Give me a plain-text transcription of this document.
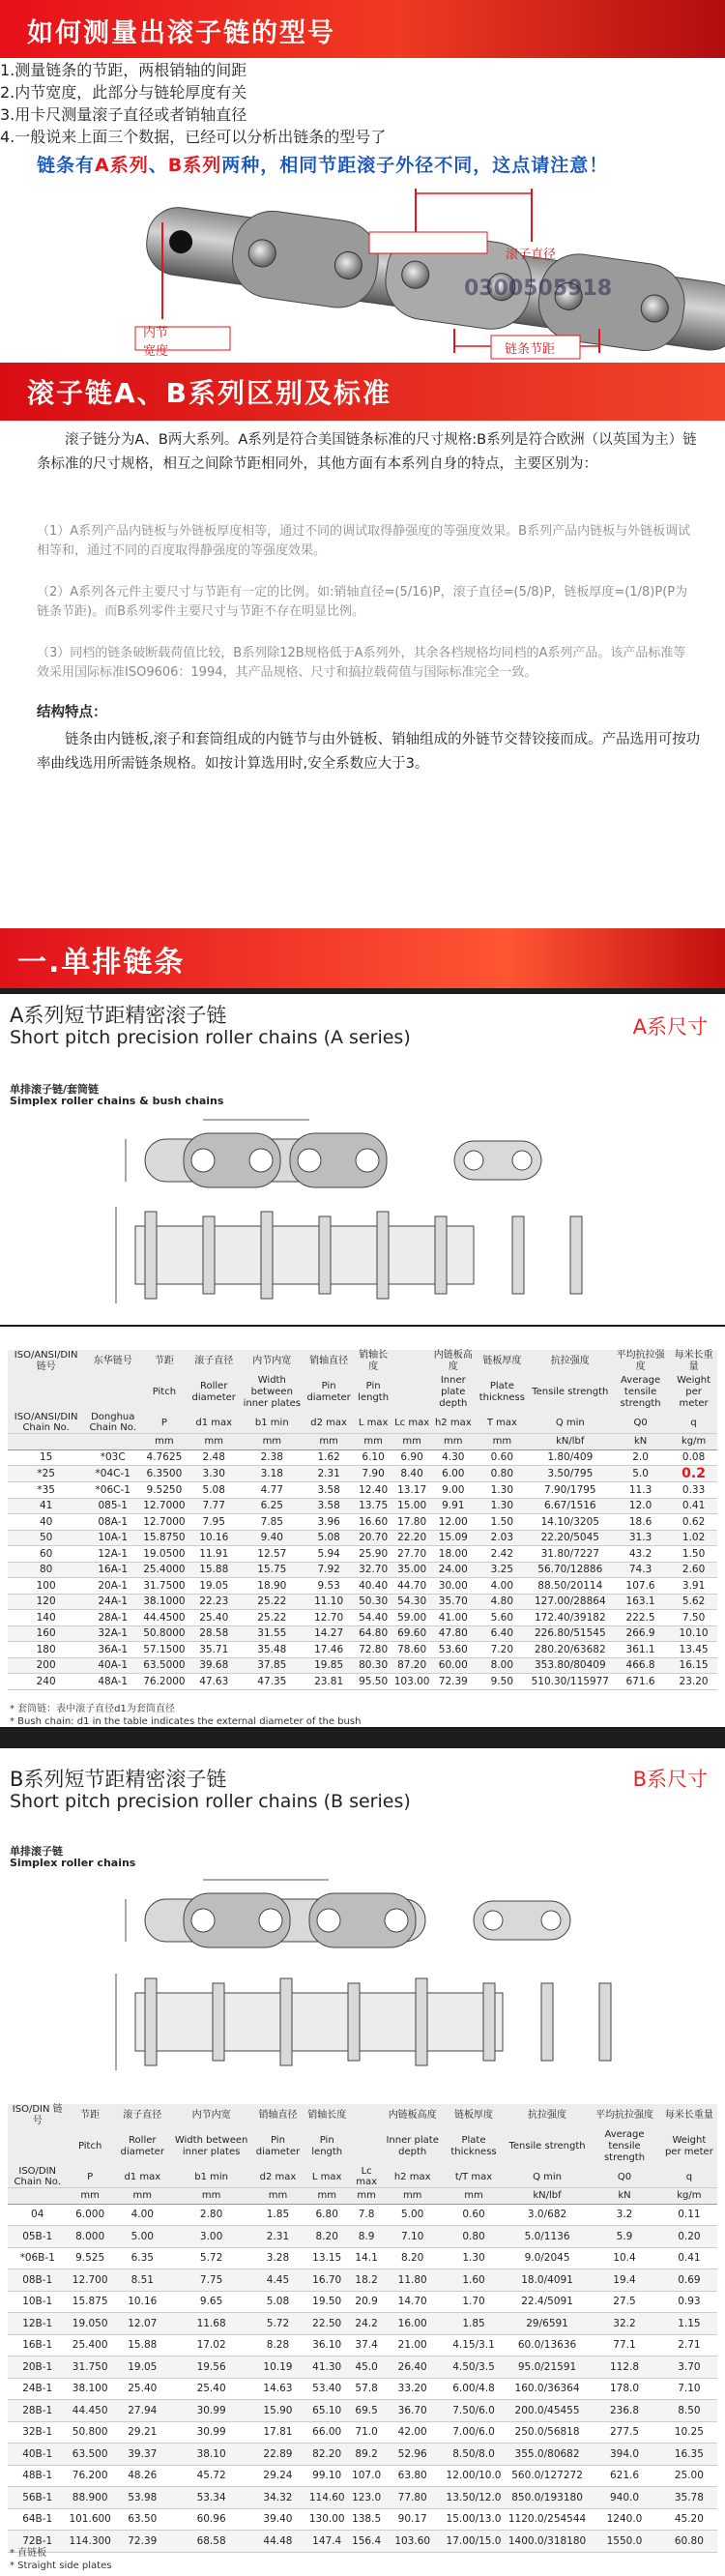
如何测量出滚子链的型号
1.测量链条的节距，两根销轴的间距
2.内节宽度，此部分与链轮厚度有关
3.用卡尺测量滚子直径或者销轴直径
4.一般说来上面三个数据，已经可以分析出链条的型号了
链条有A系列、B系列两种，相同节距滚子外径不同，这点请注意！
滚子直径
内节
宽度	链条节距
0300505918
滚子链A、B系列区别及标准
滚子链分为A、B两大系列。A系列是符合美国链条标准的尺寸规格:B系列是符合欧洲（以英国为主）链条标准的尺寸规格，相互之间除节距相同外，其他方面有本系列自身的特点，主要区别为：
（1）A系列产品内链板与外链板厚度相等，通过不同的调试取得静强度的等强度效果。B系列产品内链板与外链板调试相等和，通过不同的百度取得静强度的等强度效果。
（2）A系列各元件主要尺寸与节距有一定的比例。如:销轴直径=(5/16)P，滚子直径=(5/8)P，链板厚度=(1/8)P(P为链条节距)。而B系列零件主要尺寸与节距不存在明显比例。
（3）同档的链条破断载荷值比较，B系列除12B规格低于A系列外，其余各档规格均同档的A系列产品。该产品标准等效采用国际标准ISO9606：1994，其产品规格、尺寸和搞拉载荷值与国际标准完全一致。
结构特点：
链条由内链板,滚子和套筒组成的内链节与由外链板、销轴组成的外链节交替铰接而成。产品选用可按功率曲线选用所需链条规格。如按计算选用时,安全系数应大于3。
一.单排链条
A系列短节距精密滚子链
Short pitch precision roller chains (A series)	A系尺寸
单排滚子链/套筒链
Simplex roller chains & bush chains
ISO/ANSI/DIN 链号	东华链号	节距	滚子直径	内节内宽	销轴直径	销轴长度		内链板高度	链板厚度	抗拉强度	平均抗拉强度	每米长重量
		Pitch	Roller diameter	Width between inner plates	Pin diameter	Pin length		Inner plate depth	Plate thickness	Tensile strength	Average tensile strength	Weight per meter
ISO/ANSI/DIN Chain No.	Donghua Chain No.	P	d1 max	b1 min	d2 max	L max	Lc max	h2 max	T max	Q min	Q0	q
		mm	mm	mm	mm	mm	mm	mm	mm	kN/lbf	kN	kg/m
15	*03C	4.7625	2.48	2.38	1.62	6.10	6.90	4.30	0.60	1.80/409	2.0	0.08
*25	*04C-1	6.3500	3.30	3.18	2.31	7.90	8.40	6.00	0.80	3.50/795	5.0	0.2
*35	*06C-1	9.5250	5.08	4.77	3.58	12.40	13.17	9.00	1.30	7.90/1795	11.3	0.33
41	085-1	12.7000	7.77	6.25	3.58	13.75	15.00	9.91	1.30	6.67/1516	12.0	0.41
40	08A-1	12.7000	7.95	7.85	3.96	16.60	17.80	12.00	1.50	14.10/3205	18.6	0.62
50	10A-1	15.8750	10.16	9.40	5.08	20.70	22.20	15.09	2.03	22.20/5045	31.3	1.02
60	12A-1	19.0500	11.91	12.57	5.94	25.90	27.70	18.00	2.42	31.80/7227	43.2	1.50
80	16A-1	25.4000	15.88	15.75	7.92	32.70	35.00	24.00	3.25	56.70/12886	74.3	2.60
100	20A-1	31.7500	19.05	18.90	9.53	40.40	44.70	30.00	4.00	88.50/20114	107.6	3.91
120	24A-1	38.1000	22.23	25.22	11.10	50.30	54.30	35.70	4.80	127.00/28864	163.1	5.62
140	28A-1	44.4500	25.40	25.22	12.70	54.40	59.00	41.00	5.60	172.40/39182	222.5	7.50
160	32A-1	50.8000	28.58	31.55	14.27	64.80	69.60	47.80	6.40	226.80/51545	266.9	10.10
180	36A-1	57.1500	35.71	35.48	17.46	72.80	78.60	53.60	7.20	280.20/63682	361.1	13.45
200	40A-1	63.5000	39.68	37.85	19.85	80.30	87.20	60.00	8.00	353.80/80409	466.8	16.15
240	48A-1	76.2000	47.63	47.35	23.81	95.50	103.00	72.39	9.50	510.30/115977	671.6	23.20
* 套筒链：表中滚子直径d1为套筒直径
* Bush chain: d1 in the table indicates the external diameter of the bush
B系列短节距精密滚子链
Short pitch precision roller chains (B series)
B系尺寸
单排滚子链
Simplex roller chains
ISO/DIN 链号	节距	滚子直径	内节内宽	销轴直径	销轴长度		内链板高度	链板厚度	抗拉强度	平均抗拉强度	每米长重量
	Pitch	Roller diameter	Width between inner plates	Pin diameter	Pin length		Inner plate depth	Plate thickness	Tensile strength	Average tensile strength	Weight per meter
ISO/DIN Chain No.	P	d1 max	b1 min	d2 max	L max	Lc max	h2 max	t/T max	Q min	Q0	q
	mm	mm	mm	mm	mm	mm	mm	mm	kN/lbf	kN	kg/m
04	6.000	4.00	2.80	1.85	6.80	7.8	5.00	0.60	3.0/682	3.2	0.11
05B-1	8.000	5.00	3.00	2.31	8.20	8.9	7.10	0.80	5.0/1136	5.9	0.20
*06B-1	9.525	6.35	5.72	3.28	13.15	14.1	8.20	1.30	9.0/2045	10.4	0.41
08B-1	12.700	8.51	7.75	4.45	16.70	18.2	11.80	1.60	18.0/4091	19.4	0.69
10B-1	15.875	10.16	9.65	5.08	19.50	20.9	14.70	1.70	22.4/5091	27.5	0.93
12B-1	19.050	12.07	11.68	5.72	22.50	24.2	16.00	1.85	29/6591	32.2	1.15
16B-1	25.400	15.88	17.02	8.28	36.10	37.4	21.00	4.15/3.1	60.0/13636	77.1	2.71
20B-1	31.750	19.05	19.56	10.19	41.30	45.0	26.40	4.50/3.5	95.0/21591	112.8	3.70
24B-1	38.100	25.40	25.40	14.63	53.40	57.8	33.20	6.00/4.8	160.0/36364	178.0	7.10
28B-1	44.450	27.94	30.99	15.90	65.10	69.5	36.70	7.50/6.0	200.0/45455	236.8	8.50
32B-1	50.800	29.21	30.99	17.81	66.00	71.0	42.00	7.00/6.0	250.0/56818	277.5	10.25
40B-1	63.500	39.37	38.10	22.89	82.20	89.2	52.96	8.50/8.0	355.0/80682	394.0	16.35
48B-1	76.200	48.26	45.72	29.24	99.10	107.0	63.80	12.00/10.0	560.0/127272	621.6	25.00
56B-1	88.900	53.98	53.34	34.32	114.60	123.0	77.80	13.50/12.0	850.0/193180	940.0	35.78
64B-1	101.600	63.50	60.96	39.40	130.00	138.5	90.17	15.00/13.0	1120.0/254544	1240.0	45.20
72B-1	114.300	72.39	68.58	44.48	147.4	156.4	103.60	17.00/15.0	1400.0/318180	1550.0	60.80
* 直链板
* Straight side plates
